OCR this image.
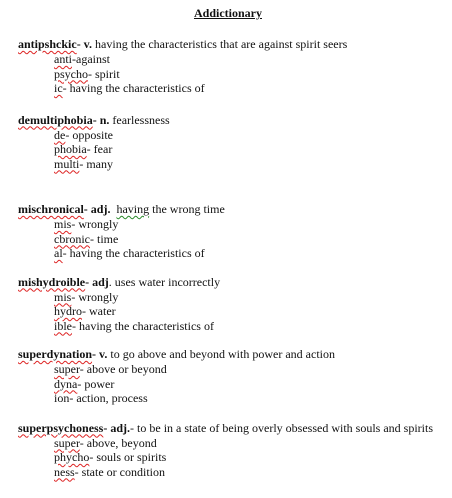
Addictionary
antipshckic- v. having the characteristics that are against spirit seers
anti-against
psycho- spirit
ic- having the characteristics of
demultiphobia- n. fearlessness
de- opposite
phobia- fear
multi- many
mischronical- adj. having the wrong time
mis- wrongly
cbronic- time
al- having the characteristics of
mishydroible- adj. uses water incorrectly
mis- wrongly
hydro- water
ible- having the characteristics of
superdynation- v. to go above and beyond with power and action
super- above or beyond
dyna- power
ion- action, process
superpsychoness- adj.- to be in a state of being overly obsessed with souls and spirits
super- above, beyond
phycho- souls or spirits
ness- state or condition
